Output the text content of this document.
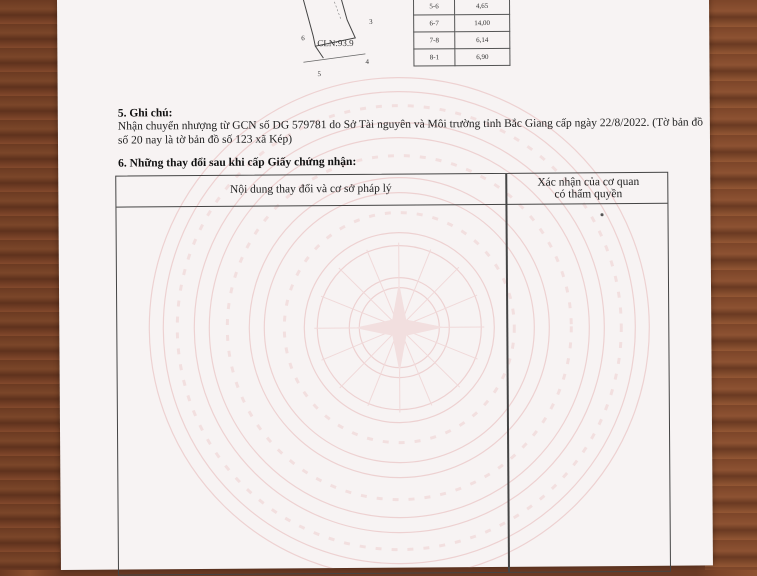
3
6
5
4
CLN:93.9
5-6	4,65
6-7	14,00
7-8	6,14
8-1	6,90
5. Ghi chú:
Nhận chuyển nhượng từ GCN số DG 579781 do Sở Tài nguyên và Môi trường tỉnh Bắc Giang cấp ngày 22/8/2022. (Tờ bản đồ số 20 nay là tờ bản đồ số 123 xã Kép)
6. Những thay đổi sau khi cấp Giấy chứng nhận:
Nội dung thay đổi và cơ sở pháp lý
Xác nhận của cơ quan
có thẩm quyền
